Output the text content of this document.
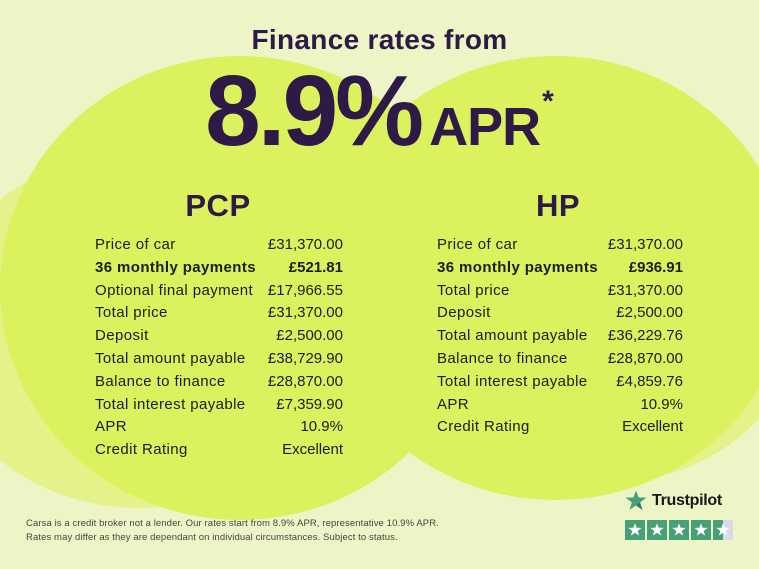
Finance rates from
8.9% APR *
PCP
Price of car	£31,370.00
36 monthly payments £521.81
Optional final payment £17,966.55
Total price	£31,370.00
Deposit	£2,500.00
Total amount payable £38,729.90
Balance to finance	£28,870.00
Total interest payable £7,359.90
APR	10.9%
Credit Rating	Excellent
HP
Price of car	£31,370.00
36 monthly payments £936.91
Total price	£31,370.00
Deposit	£2,500.00
Total amount payable £36,229.76
Balance to finance	£28,870.00
Total interest payable £4,859.76
APR	10.9%
Credit Rating	Excellent
Carsa is a credit broker not a lender. Our rates start from 8.9% APR, representative 10.9% APR.
Rates may differ as they are dependant on individual circumstances. Subject to status.
Trustpilot
